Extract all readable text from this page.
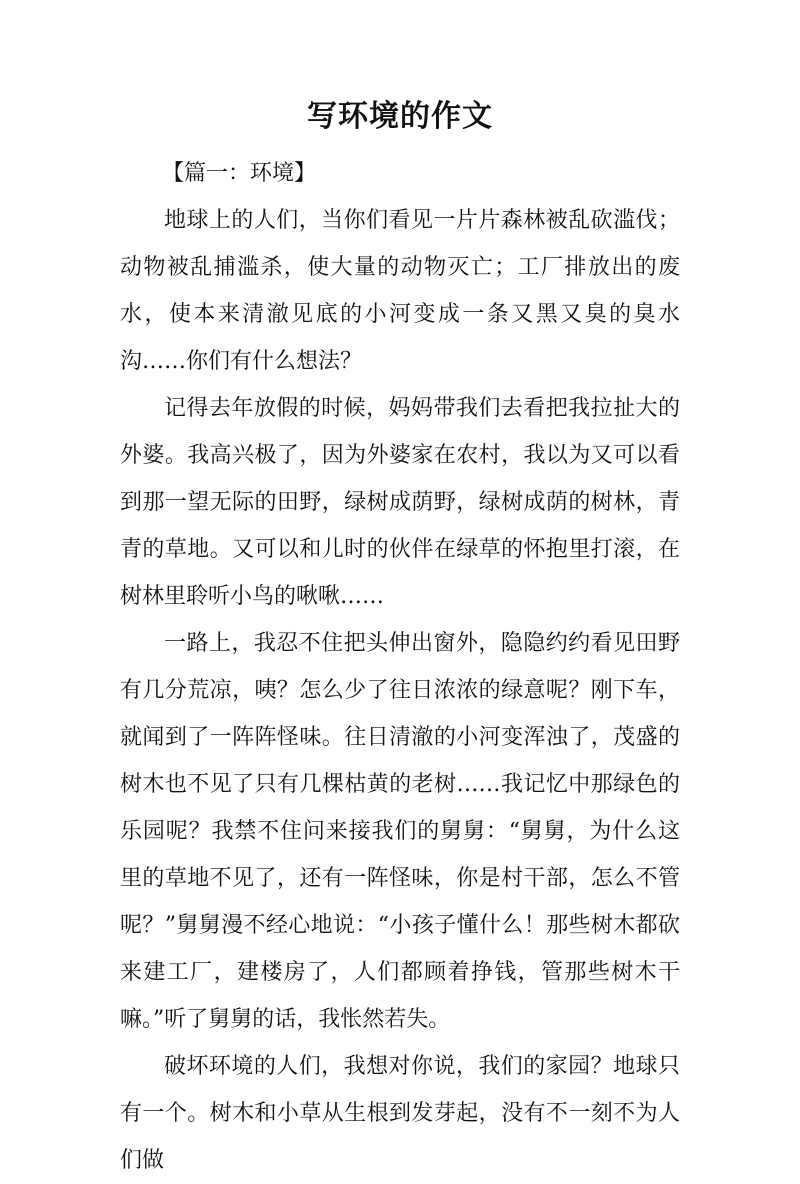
写环境的作文

【篇一：环境】

地球上的人们，当你们看见一片片森林被乱砍滥伐；动物被乱捕滥杀，使大量的动物灭亡；工厂排放出的废水，使本来清澈见底的小河变成一条又黑又臭的臭水沟……你们有什么想法？

记得去年放假的时候，妈妈带我们去看把我拉扯大的外婆。我高兴极了，因为外婆家在农村，我以为又可以看到那一望无际的田野，绿树成荫野，绿树成荫的树林，青青的草地。又可以和儿时的伙伴在绿草的怀抱里打滚，在树林里聆听小鸟的啾啾……

一路上，我忍不住把头伸出窗外，隐隐约约看见田野有几分荒凉，咦？怎么少了往日浓浓的绿意呢？刚下车，就闻到了一阵阵怪味。往日清澈的小河变浑浊了，茂盛的树木也不见了只有几棵枯黄的老树……我记忆中那绿色的乐园呢？我禁不住问来接我们的舅舅：“舅舅，为什么这里的草地不见了，还有一阵怪味，你是村干部，怎么不管呢？”舅舅漫不经心地说：“小孩子懂什么！那些树木都砍来建工厂，建楼房了，人们都顾着挣钱，管那些树木干嘛。”听了舅舅的话，我怅然若失。

破坏环境的人们，我想对你说，我们的家园？地球只有一个。树木和小草从生根到发芽起，没有不一刻不为人们做
